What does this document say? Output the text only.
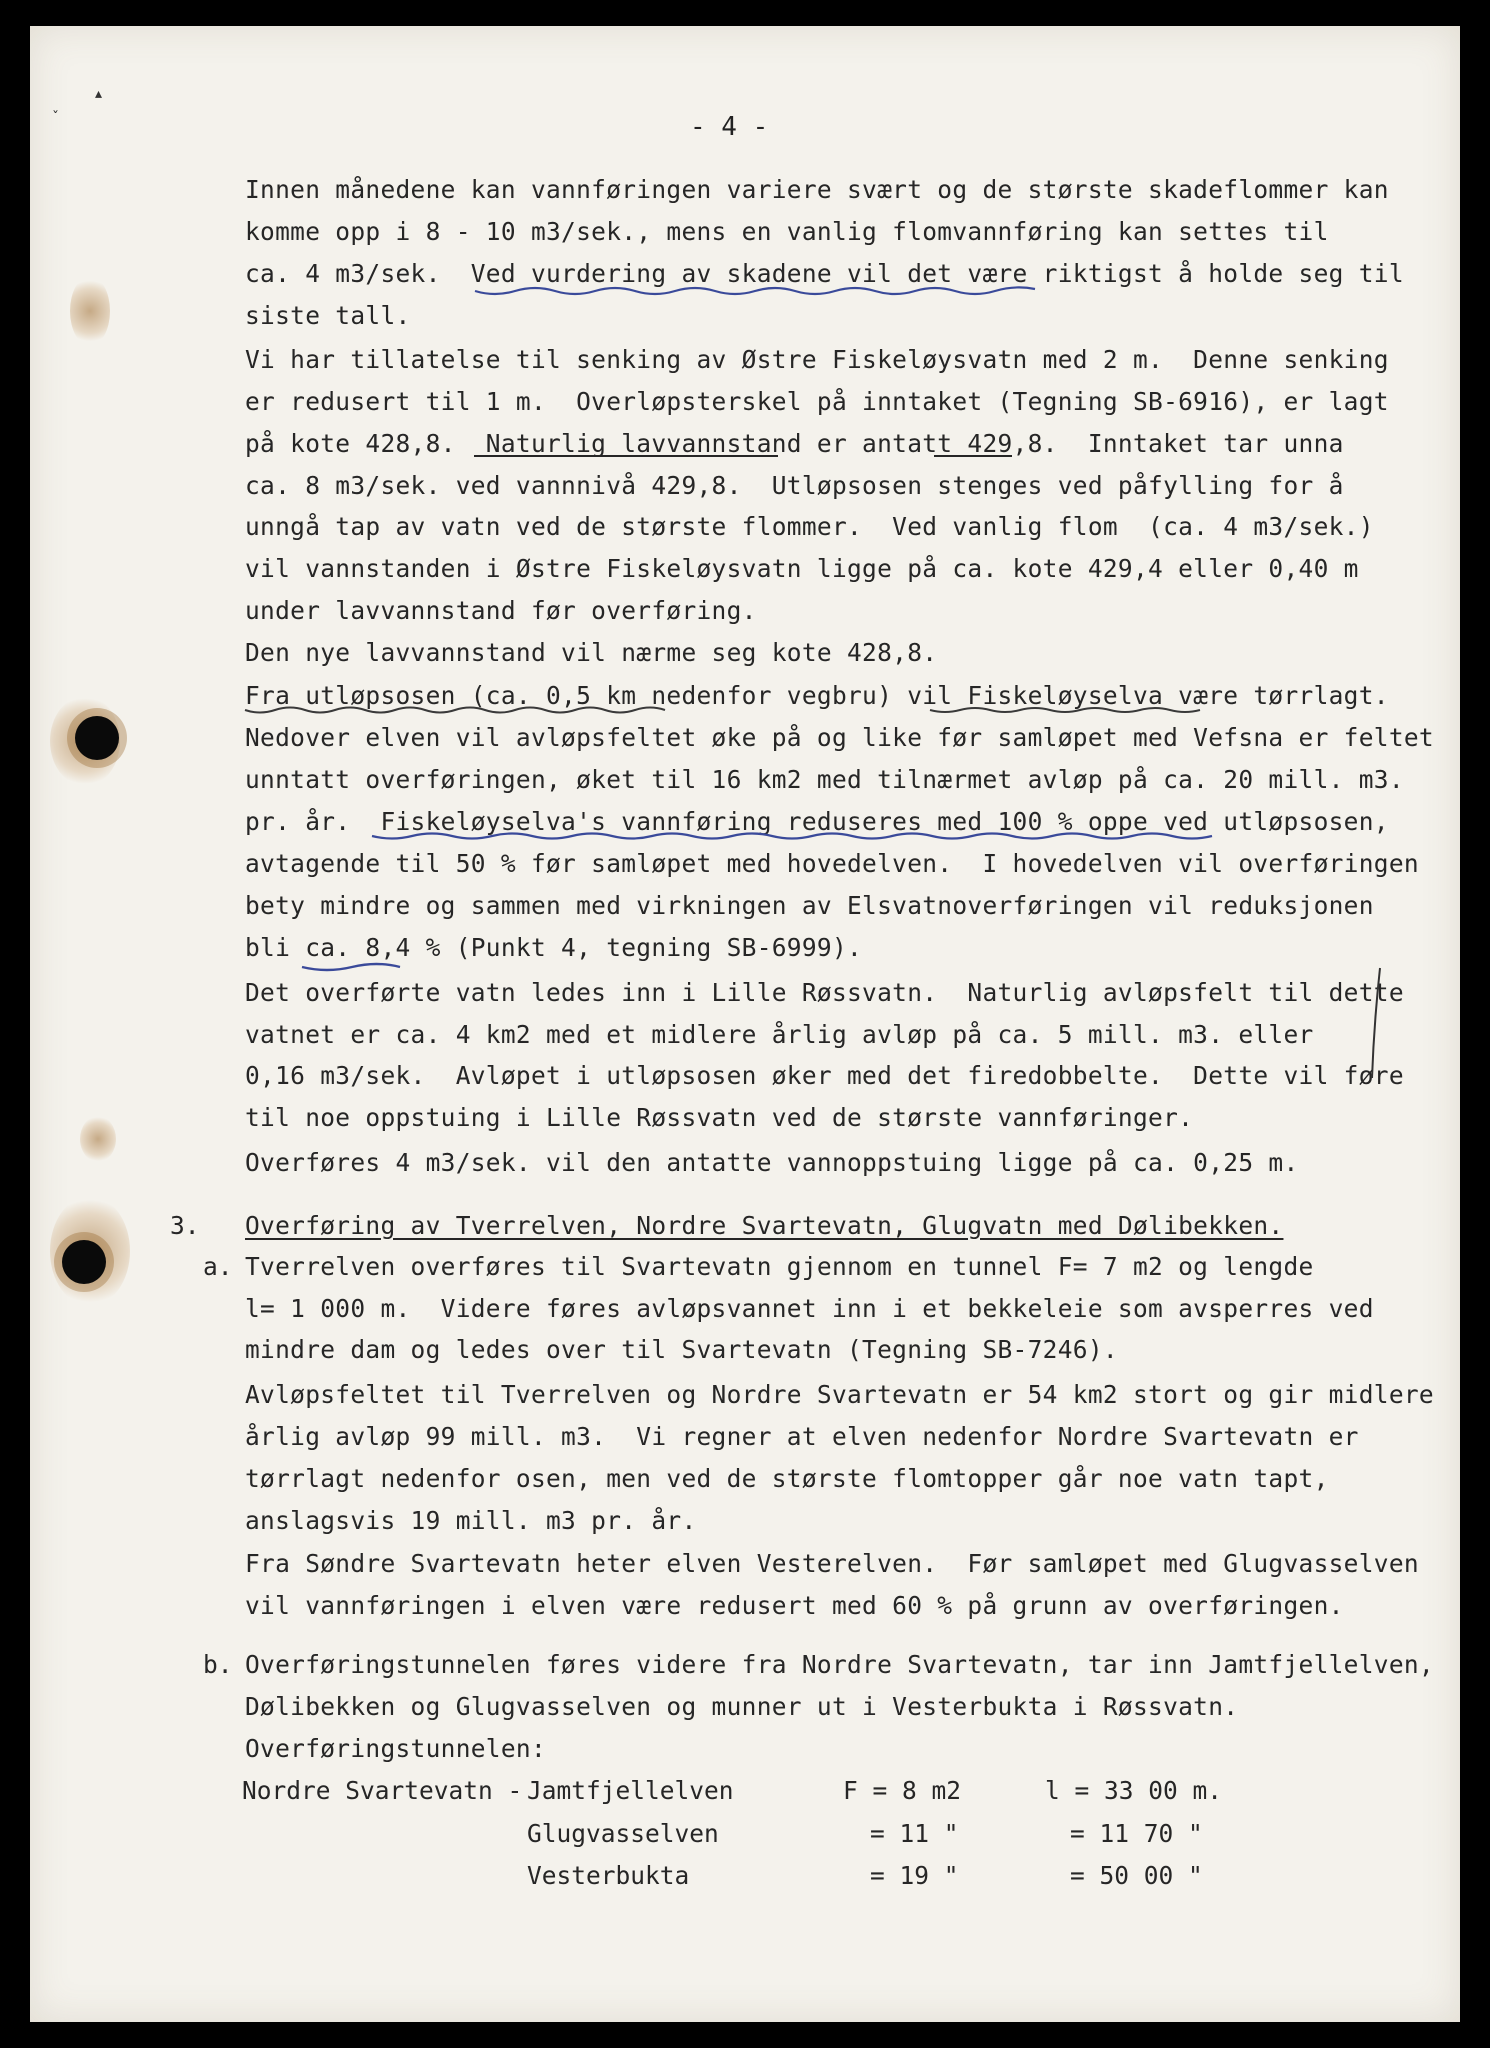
- 4 -
Innen månedene kan vannføringen variere svært og de største skadeflommer kan
komme opp i 8 - 10 m3/sek., mens en vanlig flomvannføring kan settes til
ca. 4 m3/sek.  Ved vurdering av skadene vil det være riktigst å holde seg til
siste tall.
Vi har tillatelse til senking av Østre Fiskeløysvatn med 2 m.  Denne senking
er redusert til 1 m.  Overløpsterskel på inntaket (Tegning SB-6916), er lagt
på kote 428,8.  Naturlig lavvannstand er antatt 429,8.  Inntaket tar unna
ca. 8 m3/sek. ved vannnivå 429,8.  Utløpsosen stenges ved påfylling for å
unngå tap av vatn ved de største flommer.  Ved vanlig flom  (ca. 4 m3/sek.)
vil vannstanden i Østre Fiskeløysvatn ligge på ca. kote 429,4 eller 0,40 m
under lavvannstand før overføring.
Den nye lavvannstand vil nærme seg kote 428,8.
Fra utløpsosen (ca. 0,5 km nedenfor vegbru) vil Fiskeløyselva være tørrlagt.
Nedover elven vil avløpsfeltet øke på og like før samløpet med Vefsna er feltet
unntatt overføringen, øket til 16 km2 med tilnærmet avløp på ca. 20 mill. m3.
pr. år.  Fiskeløyselva's vannføring reduseres med 100 % oppe ved utløpsosen,
avtagende til 50 % før samløpet med hovedelven.  I hovedelven vil overføringen
bety mindre og sammen med virkningen av Elsvatnoverføringen vil reduksjonen
bli ca. 8,4 % (Punkt 4, tegning SB-6999).
Det overførte vatn ledes inn i Lille Røssvatn.  Naturlig avløpsfelt til dette
vatnet er ca. 4 km2 med et midlere årlig avløp på ca. 5 mill. m3. eller
0,16 m3/sek.  Avløpet i utløpsosen øker med det firedobbelte.  Dette vil føre
til noe oppstuing i Lille Røssvatn ved de største vannføringer.
Overføres 4 m3/sek. vil den antatte vannoppstuing ligge på ca. 0,25 m.
3. Overføring av Tverrelven, Nordre Svartevatn, Glugvatn med Dølibekken.
a. Tverrelven overføres til Svartevatn gjennom en tunnel F= 7 m2 og lengde
l= 1 000 m.  Videre føres avløpsvannet inn i et bekkeleie som avsperres ved
mindre dam og ledes over til Svartevatn (Tegning SB-7246).
Avløpsfeltet til Tverrelven og Nordre Svartevatn er 54 km2 stort og gir midlere
årlig avløp 99 mill. m3.  Vi regner at elven nedenfor Nordre Svartevatn er
tørrlagt nedenfor osen, men ved de største flomtopper går noe vatn tapt,
anslagsvis 19 mill. m3 pr. år.
Fra Søndre Svartevatn heter elven Vesterelven.  Før samløpet med Glugvasselven
vil vannføringen i elven være redusert med 60 % på grunn av overføringen.
b. Overføringstunnelen føres videre fra Nordre Svartevatn, tar inn Jamtfjellelven,
Dølibekken og Glugvasselven og munner ut i Vesterbukta i Røssvatn.
Overføringstunnelen:
Nordre Svartevatn - Jamtfjellelven	F = 8 m2	l = 33 00 m.
Glugvasselven	= 11 "	= 11 70 "
Vesterbukta	= 19 "	= 50 00 "
▴
ˇ
